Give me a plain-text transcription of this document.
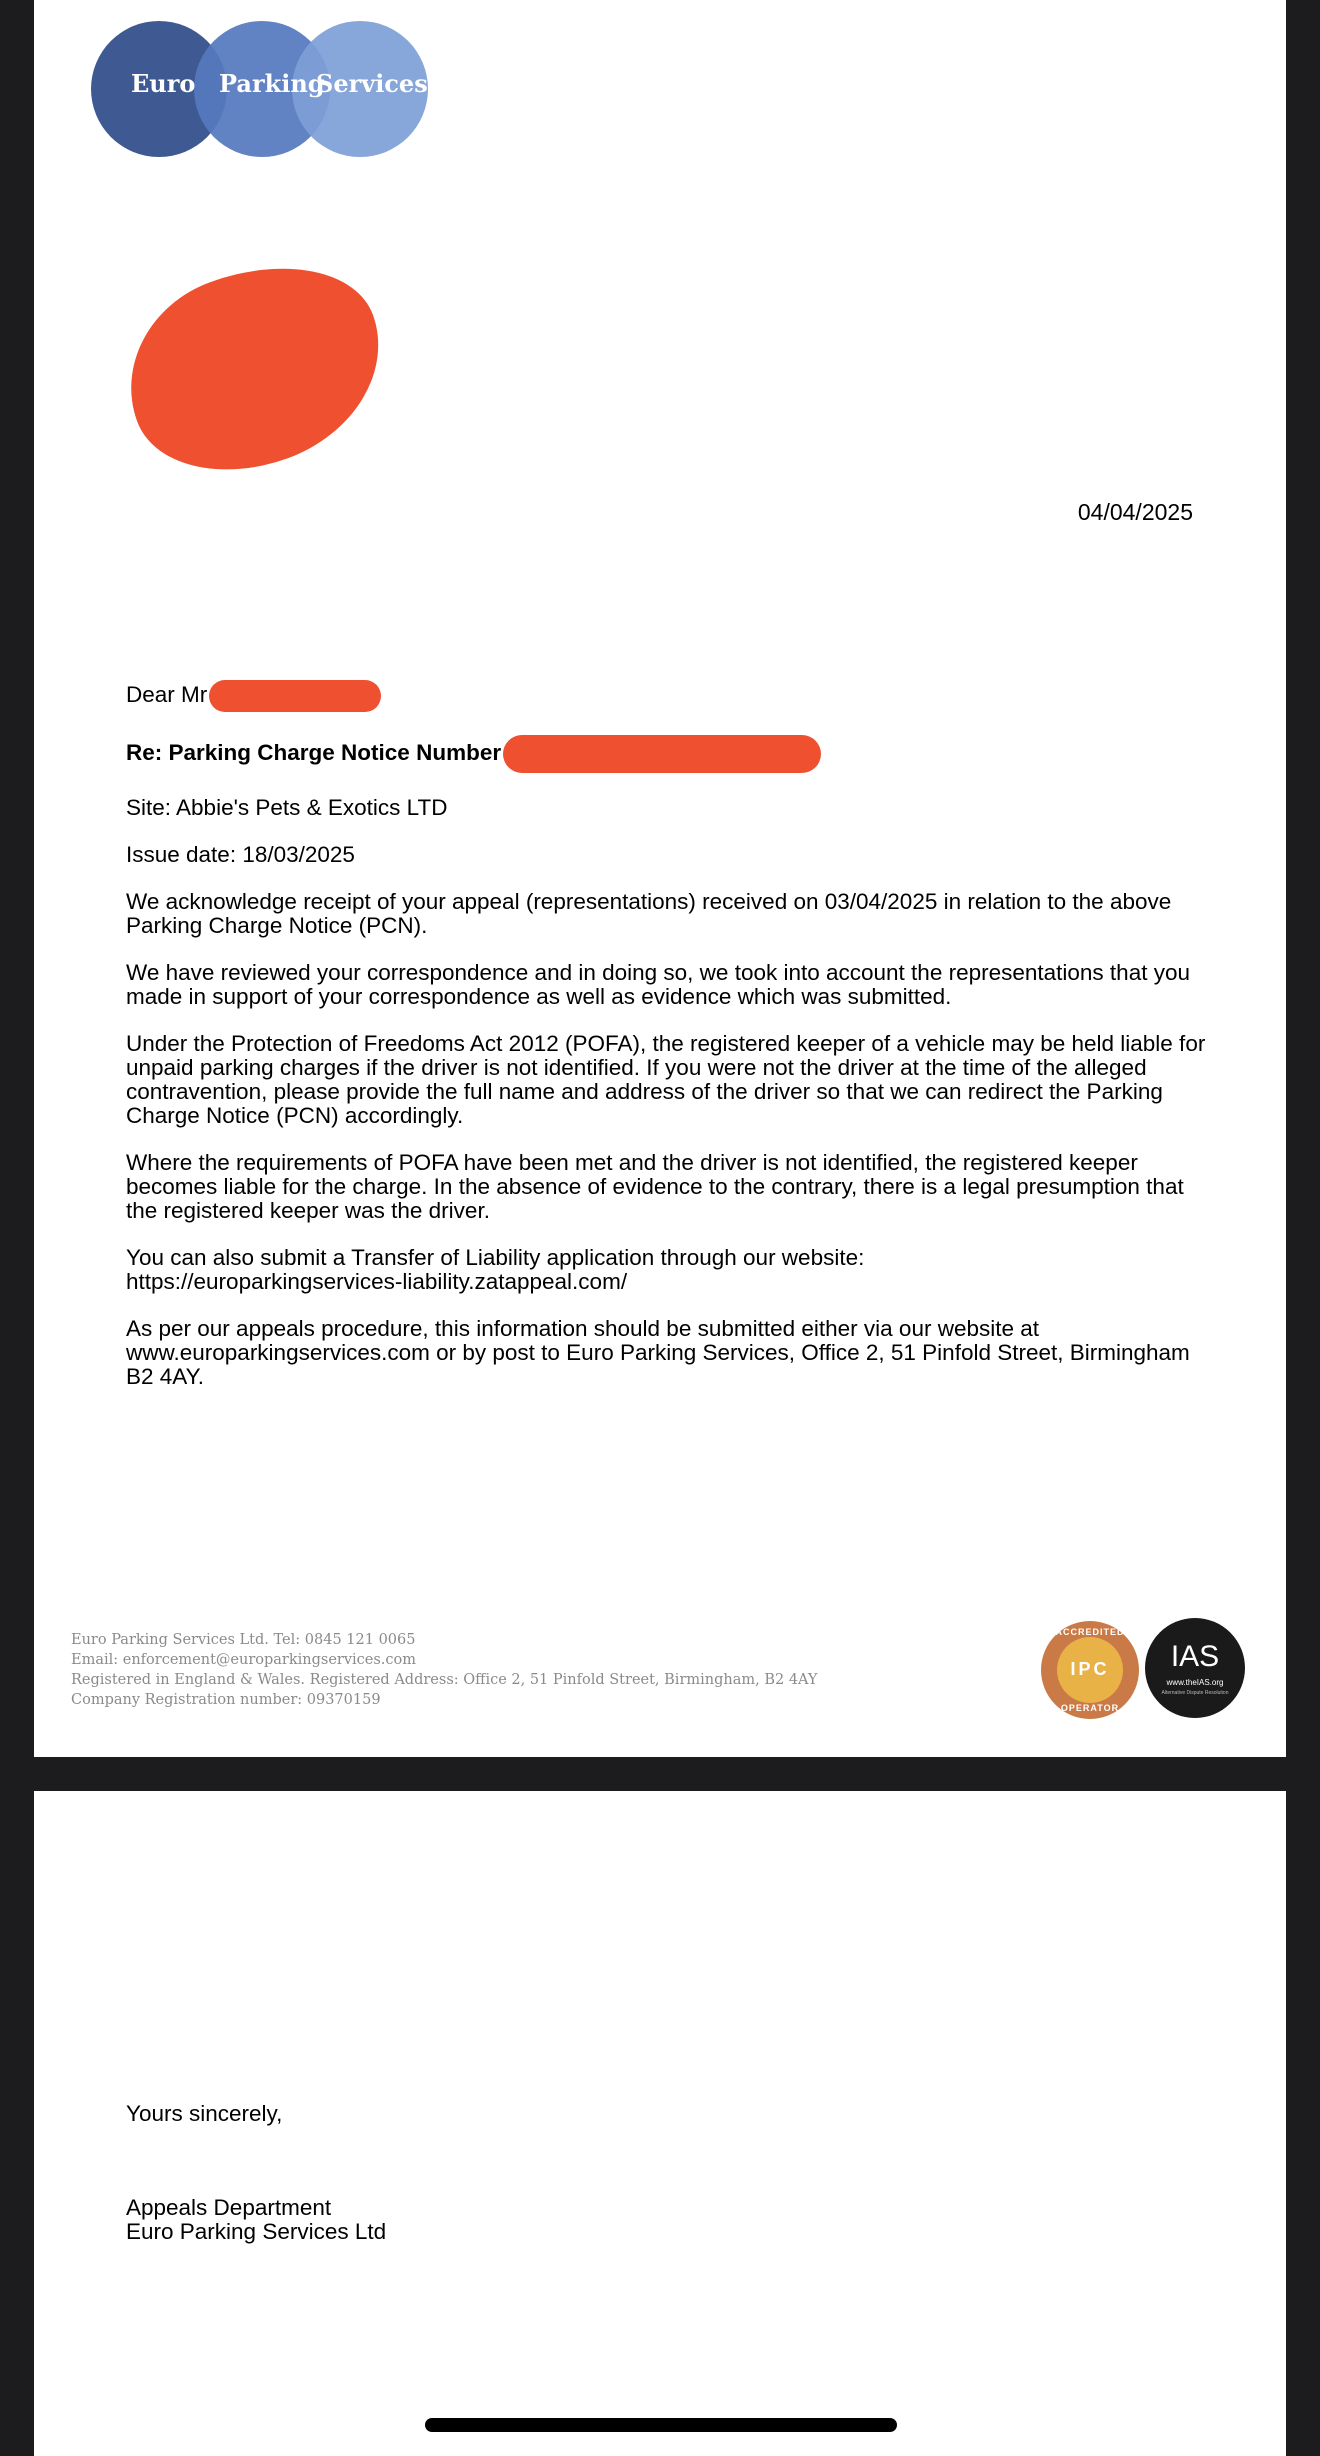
Euro Parking
Services
04/04/2025

Dear Mr

Re: Parking Charge Notice Number

Site: Abbie's Pets & Exotics LTD

Issue date: 18/03/2025

We acknowledge receipt of your appeal (representations) received on 03/04/2025 in relation to the above Parking Charge Notice (PCN).

We have reviewed your correspondence and in doing so, we took into account the representations that you made in support of your correspondence as well as evidence which was submitted.

Under the Protection of Freedoms Act 2012 (POFA), the registered keeper of a vehicle may be held liable for unpaid parking charges if the driver is not identified. If you were not the driver at the time of the alleged contravention, please provide the full name and address of the driver so that we can redirect the Parking Charge Notice (PCN) accordingly.

Where the requirements of POFA have been met and the driver is not identified, the registered keeper becomes liable for the charge. In the absence of evidence to the contrary, there is a legal presumption that the registered keeper was the driver.

You can also submit a Transfer of Liability application through our website:
https://europarkingservices-liability.zatappeal.com/

As per our appeals procedure, this information should be submitted either via our website at www.europarkingservices.com or by post to Euro Parking Services, Office 2, 51 Pinfold Street, Birmingham B2 4AY.

Euro Parking Services Ltd. Tel: 0845 121 0065
Email: enforcement@europarkingservices.com
Registered in England & Wales. Registered Address: Office 2, 51 Pinfold Street, Birmingham, B2 4AY
Company Registration number: 09370159
ACCREDITED
IPC
OPERATOR
IAS
www.theIAS.org
Alternative Dispute Resolution
Yours sincerely,
Appeals Department
Euro Parking Services Ltd
